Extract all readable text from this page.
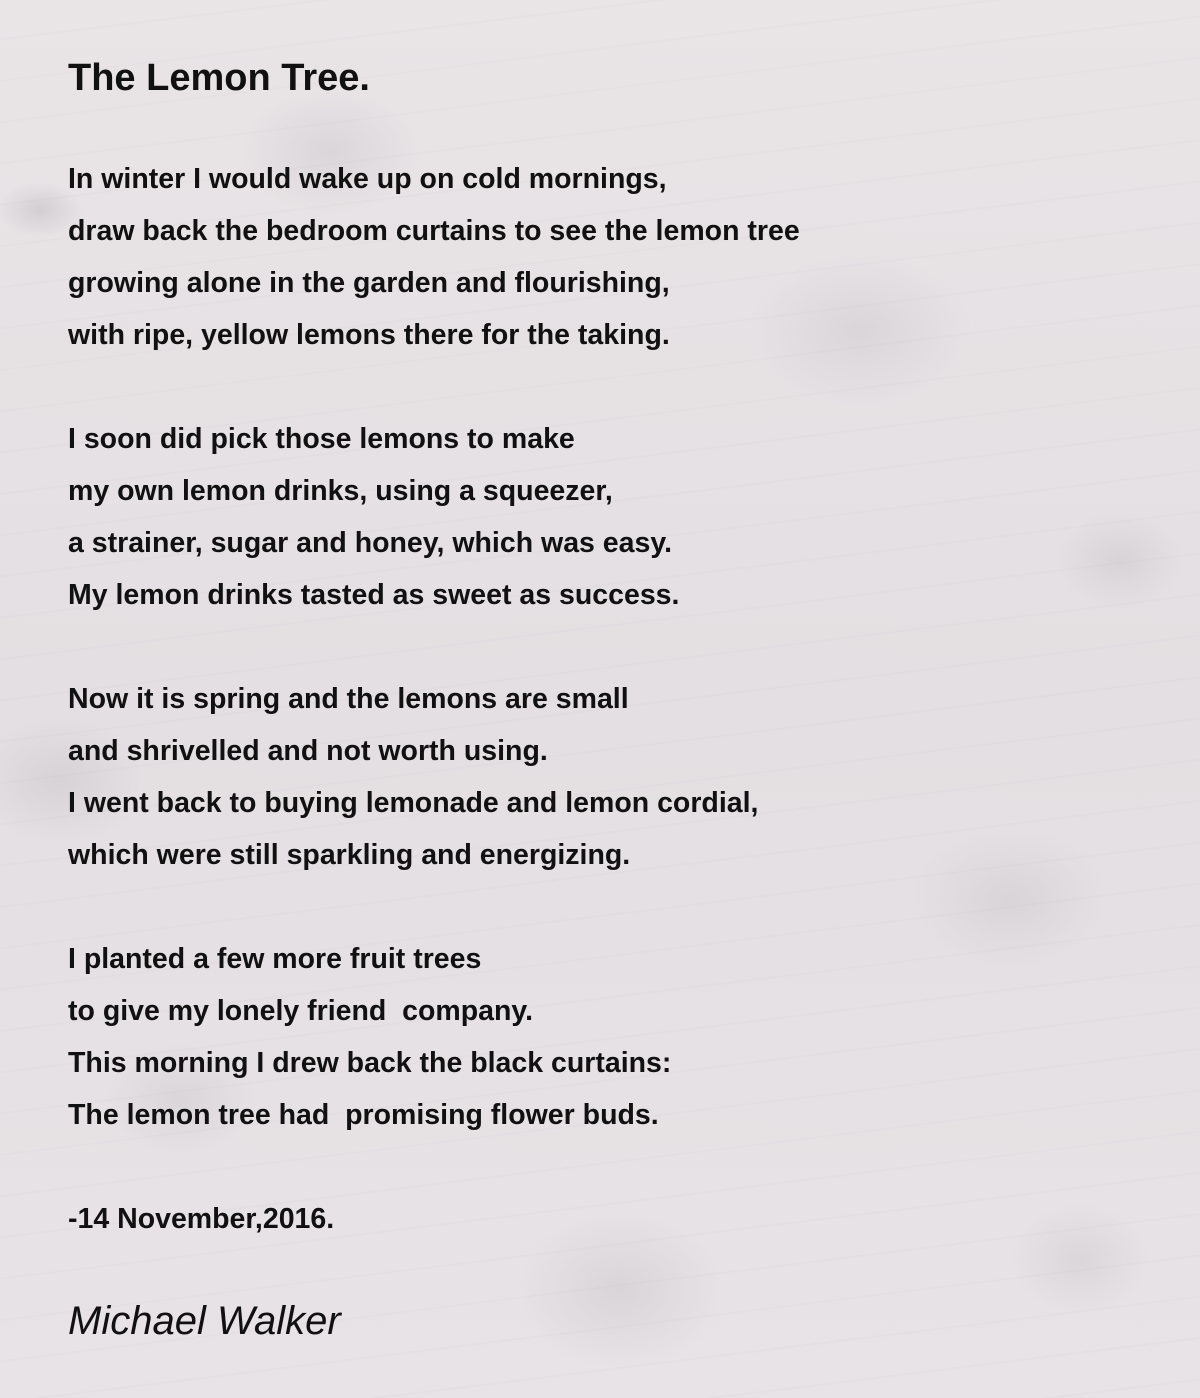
The Lemon Tree.
In winter I would wake up on cold mornings,
draw back the bedroom curtains to see the lemon tree
growing alone in the garden and flourishing,
with ripe, yellow lemons there for the taking.
I soon did pick those lemons to make
my own lemon drinks, using a squeezer,
a strainer, sugar and honey, which was easy.
My lemon drinks tasted as sweet as success.
Now it is spring and the lemons are small
and shrivelled and not worth using.
I went back to buying lemonade and lemon cordial,
which were still sparkling and energizing.
I planted a few more fruit trees
to give my lonely friend  company.
This morning I drew back the black curtains:
The lemon tree had  promising flower buds.
-14 November,2016.
Michael Walker
